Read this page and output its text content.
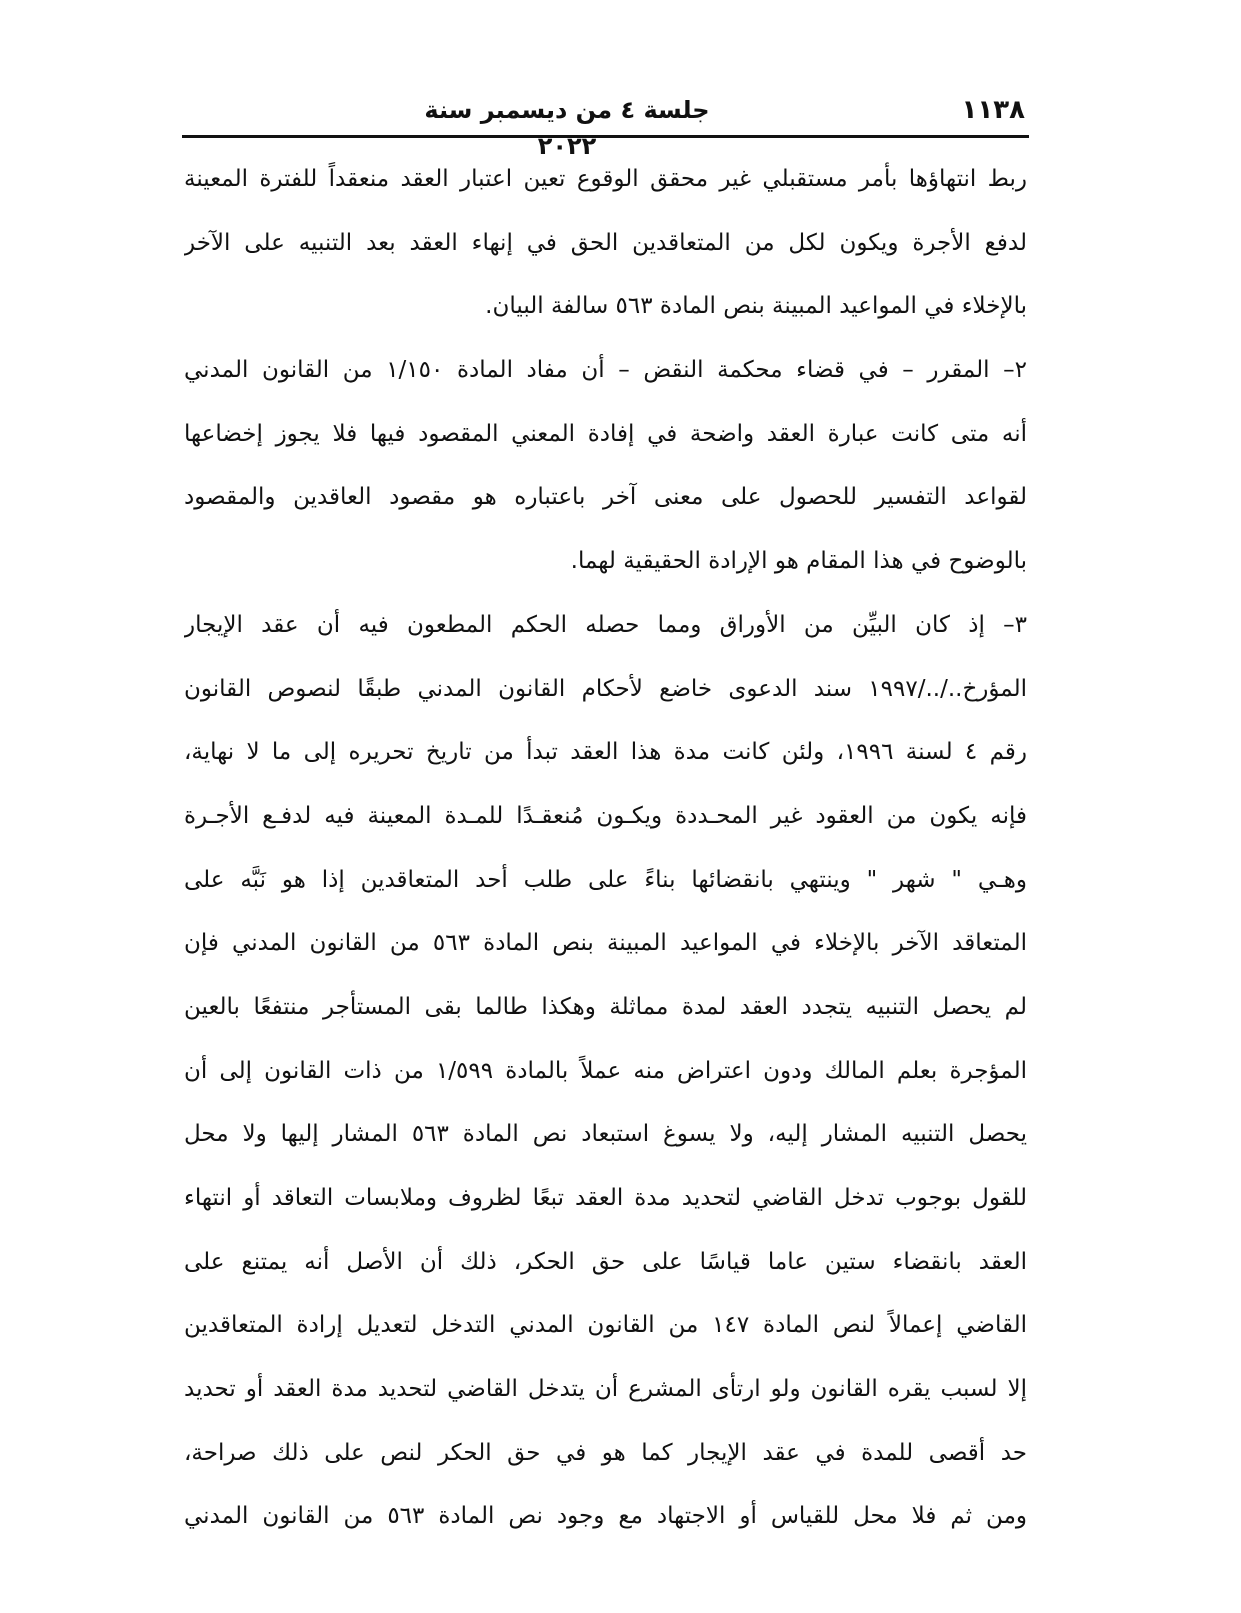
١١٣٨
جلسة ٤ من ديسمبر سنة ٢٠٢٢
ربط انتهاؤها بأمر مستقبلي غير محقق الوقوع تعين اعتبار العقد منعقداً للفترة المعينة
لدفع الأجرة ويكون لكل من المتعاقدين الحق في إنهاء العقد بعد التنبيه على الآخر
بالإخلاء في المواعيد المبينة بنص المادة ٥٦٣ سالفة البيان.
٢– المقرر – في قضاء محكمة النقض – أن مفاد المادة ١/١٥٠ من القانون المدني
أنه متى كانت عبارة العقد واضحة في إفادة المعني المقصود فيها فلا يجوز إخضاعها
لقواعد التفسير للحصول على معنى آخر باعتباره هو مقصود العاقدين والمقصود
بالوضوح في هذا المقام هو الإرادة الحقيقية لهما.
٣– إذ كان البيِّن من الأوراق ومما حصله الحكم المطعون فيه أن عقد الإيجار
المؤرخ../../١٩٩٧ سند الدعوى خاضع لأحكام القانون المدني طبقًا لنصوص القانون
رقم ٤ لسنة ١٩٩٦، ولئن كانت مدة هذا العقد تبدأ من تاريخ تحريره إلى ما لا نهاية،
فإنه يكون من العقود غير المحـددة ويكـون مُنعقـدًا للمـدة المعينة فيه لدفـع الأجـرة
وهـي " شهر " وينتهي بانقضائها بناءً على طلب أحد المتعاقدين إذا هو نَبَّه على
المتعاقد الآخر بالإخلاء في المواعيد المبينة بنص المادة ٥٦٣ من القانون المدني فإن
لم يحصل التنبيه يتجدد العقد لمدة مماثلة وهكذا طالما بقى المستأجر منتفعًا بالعين
المؤجرة بعلم المالك ودون اعتراض منه عملاً بالمادة ١/٥٩٩ من ذات القانون إلى أن
يحصل التنبيه المشار إليه، ولا يسوغ استبعاد نص المادة ٥٦٣ المشار إليها ولا محل
للقول بوجوب تدخل القاضي لتحديد مدة العقد تبعًا لظروف وملابسات التعاقد أو انتهاء
العقد بانقضاء ستين عاما قياسًا على حق الحكر، ذلك أن الأصل أنه يمتنع على
القاضي إعمالاً لنص المادة ١٤٧ من القانون المدني التدخل لتعديل إرادة المتعاقدين
إلا لسبب يقره القانون ولو ارتأى المشرع أن يتدخل القاضي لتحديد مدة العقد أو تحديد
حد أقصى للمدة في عقد الإيجار كما هو في حق الحكر لنص على ذلك صراحة،
ومن ثم فلا محل للقياس أو الاجتهاد مع وجود نص المادة ٥٦٣ من القانون المدني
